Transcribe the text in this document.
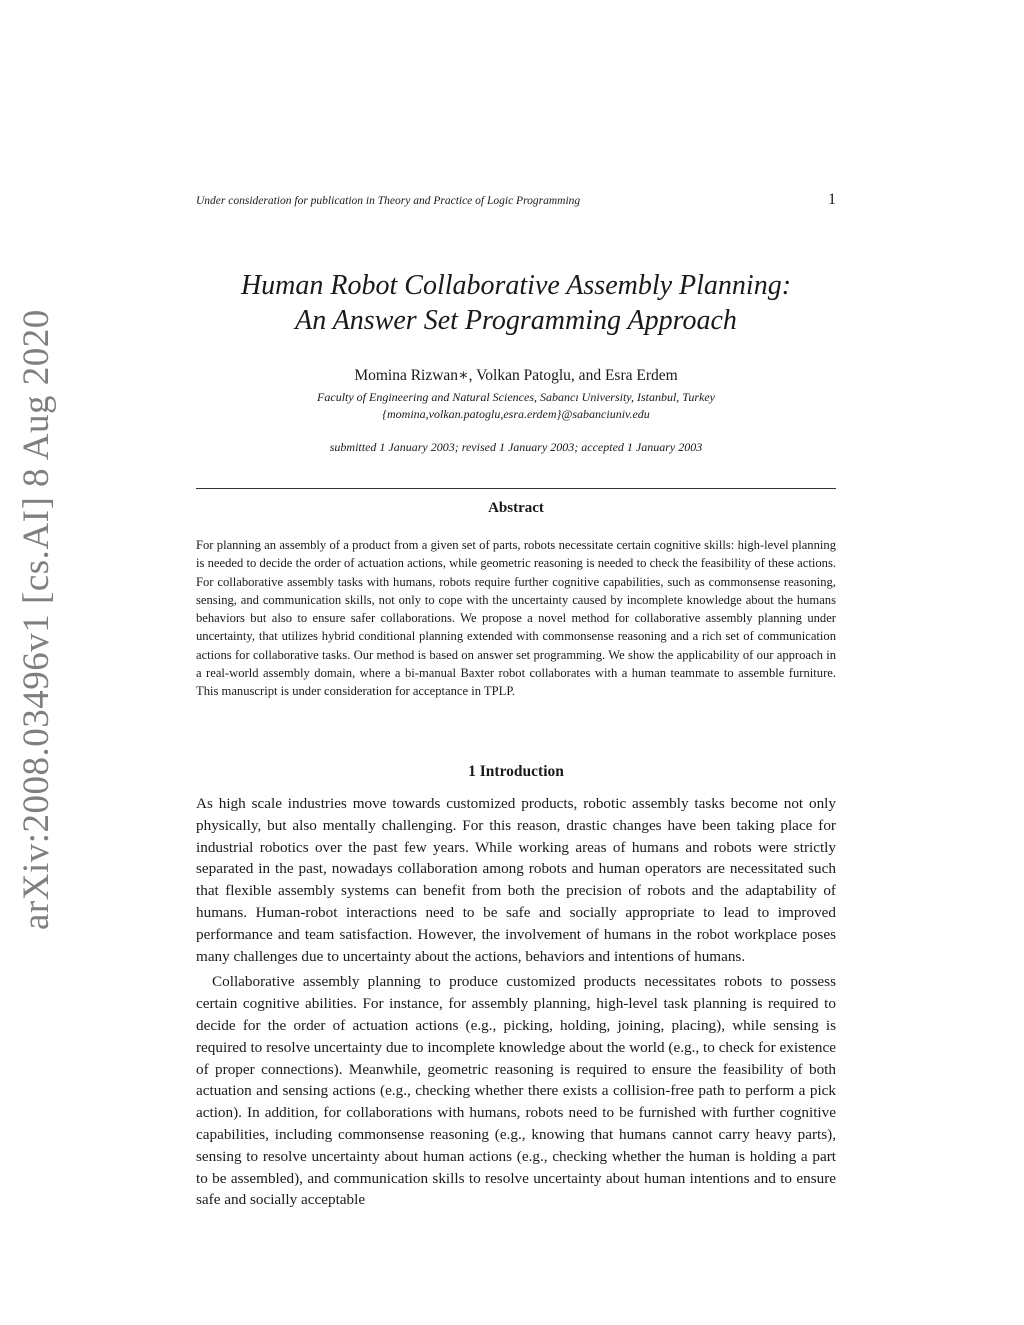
Under consideration for publication in Theory and Practice of Logic Programming	1
arXiv:2008.03496v1 [cs.AI] 8 Aug 2020
Human Robot Collaborative Assembly Planning:
An Answer Set Programming Approach
Momina Rizwan∗, Volkan Patoglu, and Esra Erdem
Faculty of Engineering and Natural Sciences, Sabancı University, Istanbul, Turkey
{momina,volkan.patoglu,esra.erdem}@sabanciuniv.edu
submitted 1 January 2003; revised 1 January 2003; accepted 1 January 2003
Abstract

For planning an assembly of a product from a given set of parts, robots necessitate certain cognitive skills: high-level planning is needed to decide the order of actuation actions, while geometric reasoning is needed to check the feasibility of these actions. For collaborative assembly tasks with humans, robots require further cognitive capabilities, such as commonsense reasoning, sensing, and communication skills, not only to cope with the uncertainty caused by incomplete knowledge about the humans behaviors but also to ensure safer collaborations. We propose a novel method for collaborative assembly planning under uncertainty, that utilizes hybrid conditional planning extended with commonsense reasoning and a rich set of communication actions for collaborative tasks. Our method is based on answer set programming. We show the applicability of our approach in a real-world assembly domain, where a bi-manual Baxter robot collaborates with a human teammate to assemble furniture. This manuscript is under consideration for acceptance in TPLP.

1 Introduction

As high scale industries move towards customized products, robotic assembly tasks become not only physically, but also mentally challenging. For this reason, drastic changes have been taking place for industrial robotics over the past few years. While working areas of humans and robots were strictly separated in the past, nowadays collaboration among robots and human operators are necessitated such that flexible assembly systems can benefit from both the precision of robots and the adaptability of humans. Human-robot interactions need to be safe and socially appropriate to lead to improved performance and team satisfaction. However, the involvement of humans in the robot workplace poses many challenges due to uncertainty about the actions, behaviors and intentions of humans.

Collaborative assembly planning to produce customized products necessitates robots to possess certain cognitive abilities. For instance, for assembly planning, high-level task planning is required to decide for the order of actuation actions (e.g., picking, holding, joining, placing), while sensing is required to resolve uncertainty due to incomplete knowledge about the world (e.g., to check for existence of proper connections). Meanwhile, geometric reasoning is required to ensure the feasibility of both actuation and sensing actions (e.g., checking whether there exists a collision-free path to perform a pick action). In addition, for collaborations with humans, robots need to be furnished with further cognitive capabilities, including commonsense reasoning (e.g., knowing that humans cannot carry heavy parts), sensing to resolve uncertainty about human actions (e.g., checking whether the human is holding a part to be assembled), and communication skills to resolve uncertainty about human intentions and to ensure safe and socially acceptable
